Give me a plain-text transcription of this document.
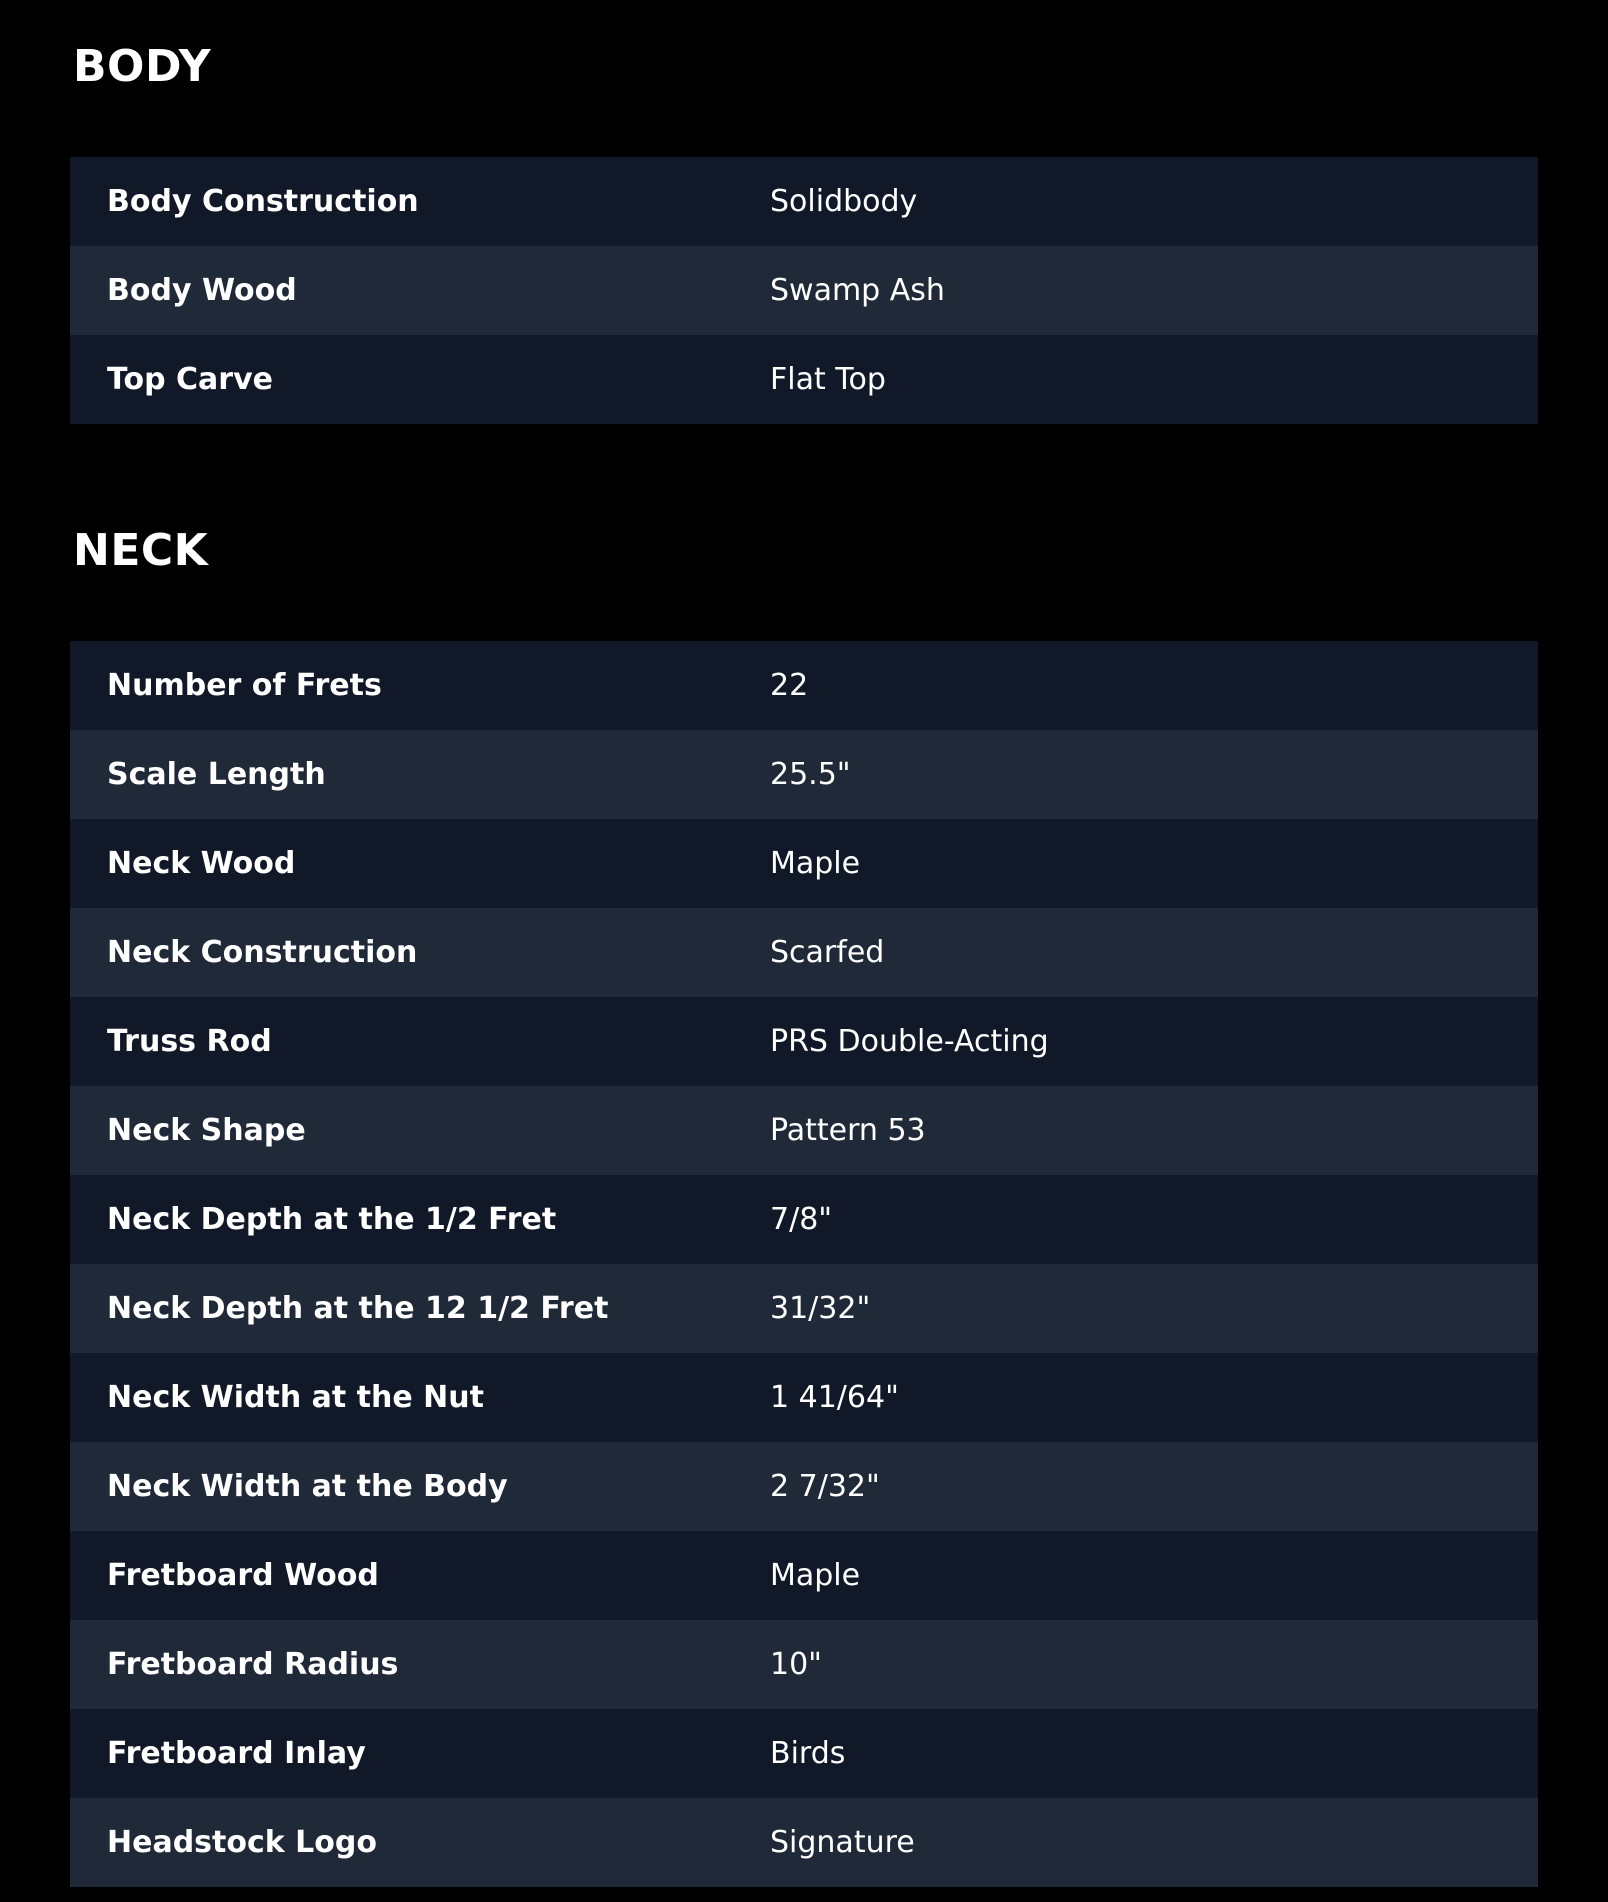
BODY
Body Construction	Solidbody
Body Wood	Swamp Ash
Top Carve	Flat Top
NECK
Number of Frets	22
Scale Length	25.5"
Neck Wood	Maple
Neck Construction	Scarfed
Truss Rod	PRS Double-Acting
Neck Shape	Pattern 53
Neck Depth at the 1/2 Fret	7/8"
Neck Depth at the 12 1/2 Fret	31/32"
Neck Width at the Nut	1 41/64"
Neck Width at the Body	2 7/32"
Fretboard Wood	Maple
Fretboard Radius	10"
Fretboard Inlay	Birds
Headstock Logo	Signature
